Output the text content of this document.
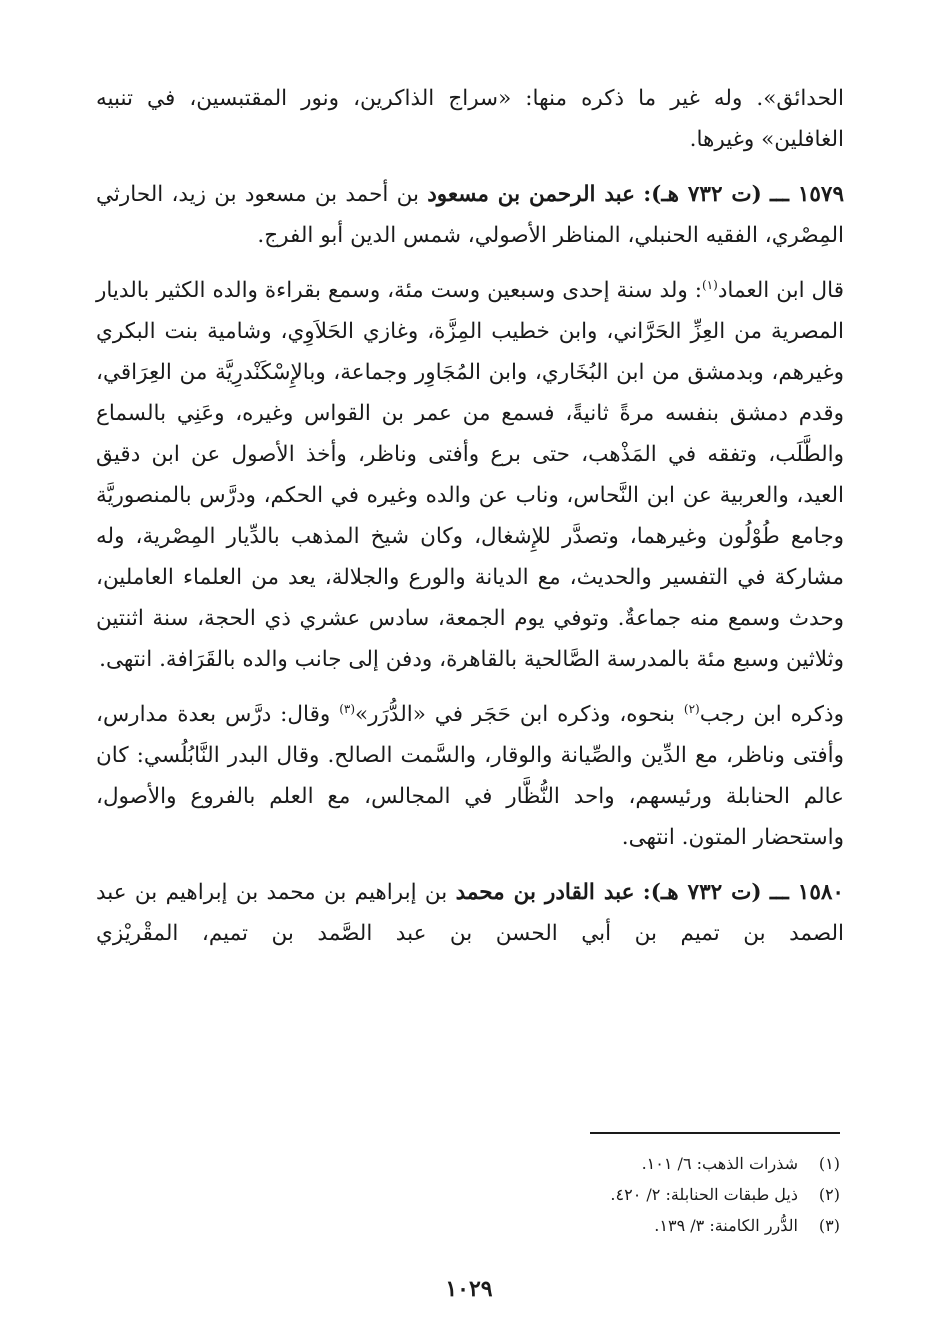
الحدائق». وله غير ما ذكره منها: «سراج الذاكرين، ونور المقتبسين، في تنبيه الغافلين» وغيرها.

١٥٧٩ ـــ (ت ٧٣٢ هـ): عبد الرحمن بن مسعود بن أحمد بن مسعود بن زيد، الحارثي المِصْري، الفقيه الحنبلي، المناظر الأصولي، شمس الدين أبو الفرج.

قال ابن العماد$^{(١)}$: ولد سنة إحدى وسبعين وست مئة، وسمع بقراءة والده الكثير بالديار المصرية من العِزِّ الحَرَّاني، وابن خطيب المِزَّة، وغازي الحَلاَوِي، وشامية بنت البكري وغيرهم، وبدمشق من ابن البُخَاري، وابن المُجَاوِر وجماعة، وبالإِسْكَنْدرِيَّة من العِرَاقي، وقدم دمشق بنفسه مرةً ثانيةً، فسمع من عمر بن القواس وغيره، وعَنِي بالسماع والطَّلَب، وتفقه في المَذْهب، حتى برع وأفتى وناظر، وأخذ الأصول عن ابن دقيق العيد، والعربية عن ابن النَّحاس، وناب عن والده وغيره في الحكم، ودرَّس بالمنصوريَّة وجامع طُوْلُون وغيرهما، وتصدَّر للإِشغال، وكان شيخ المذهب بالدِّيار المِصْرية، وله مشاركة في التفسير والحديث، مع الديانة والورع والجلالة، يعد من العلماء العاملين، وحدث وسمع منه جماعةٌ. وتوفي يوم الجمعة، سادس عشري ذي الحجة، سنة اثنتين وثلاثين وسبع مئة بالمدرسة الصَّالحية بالقاهرة، ودفن إلى جانب والده بالقَرَافة. انتهى.

وذكره ابن رجب$^{(٢)}$ بنحوه، وذكره ابن حَجَر في «الدُّرَر»$^{(٣)}$ وقال: درَّس بعدة مدارس، وأفتى وناظر، مع الدِّين والصِّيانة والوقار، والسَّمت الصالح. وقال البدر النَّابُلُسي: كان عالم الحنابلة ورئيسهم، واحد النُّظَّار في المجالس، مع العلم بالفروع والأصول، واستحضار المتون. انتهى.

١٥٨٠ ـــ (ت ٧٣٢ هـ): عبد القادر بن محمد بن إبراهيم بن محمد بن إبراهيم بن عبد الصمد بن تميم بن أبي الحسن بن عبد الصَّمد بن تميم، المقْريْزي

(١)
شذرات الذهب: ٦/ ١٠١.
(٢)
ذيل طبقات الحنابلة: ٢/ ٤٢٠.
(٣)
الدُّرر الكامنة: ٣/ ١٣٩.
١٠٢٩
